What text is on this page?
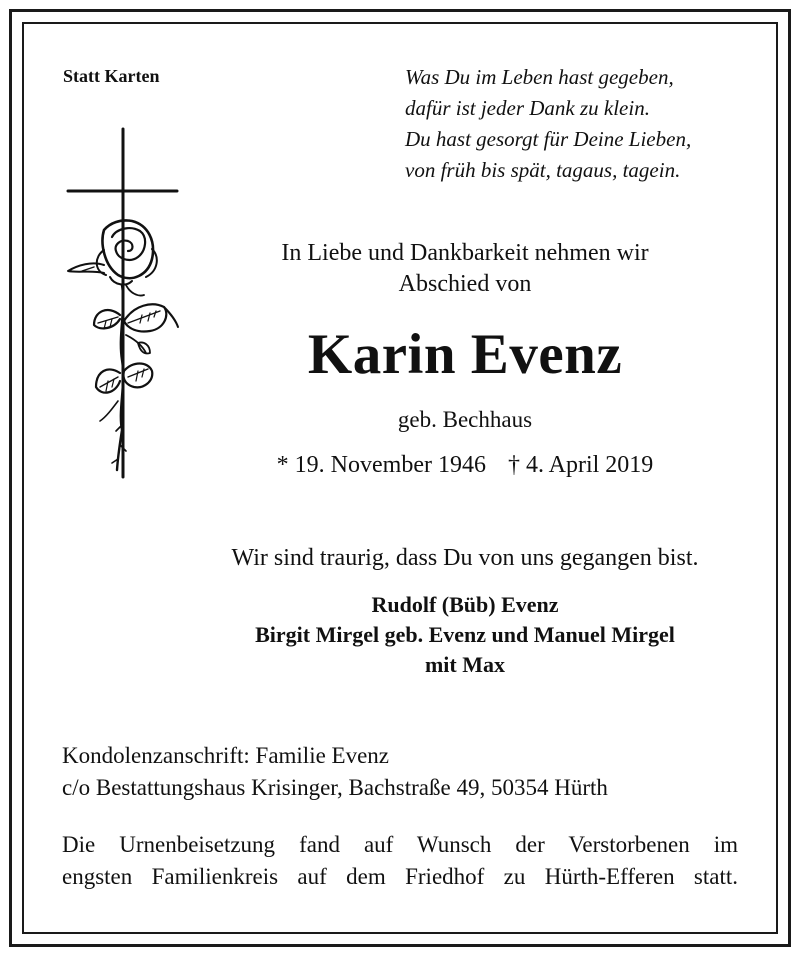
Statt Karten	Was Du im Leben hast gegeben,
dafür ist jeder Dank zu klein.
Du hast gesorgt für Deine Lieben,
von früh bis spät, tagaus, tagein.
In Liebe und Dankbarkeit nehmen wir
Abschied von
Karin Evenz
geb. Bechhaus
* 19. November 1946 † 4. April 2019
Wir sind traurig, dass Du von uns gegangen bist.
Rudolf (Büb) Evenz
Birgit Mirgel geb. Evenz und Manuel Mirgel
mit Max
Kondolenzanschrift: Familie Evenz
c/o Bestattungshaus Krisinger, Bachstraße 49, 50354 Hürth
Die Urnenbeisetzung fand auf Wunsch der Verstorbenen im
engsten Familienkreis auf dem Friedhof zu Hürth-Efferen statt.
